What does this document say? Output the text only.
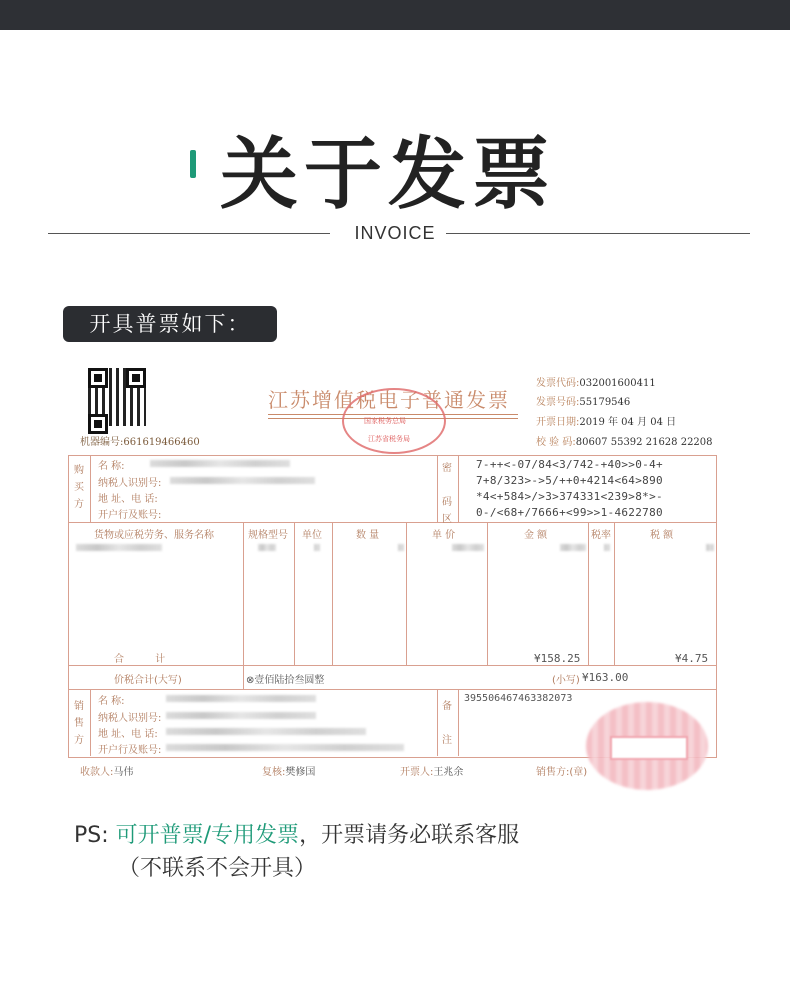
关于发票
INVOICE
开具普票如下：
机器编号:661619466460
江苏增值税电子普通发票
国家税务总局
江苏省税务局
发票代码:032001600411
发票号码:55179546
开票日期:2019 年 04 月 04 日
校 验 码:80607 55392 21628 22208
购
买
方
名 称:
纳税人识别号:
地 址、电 话:
开户行及账号:
密

码
区
7-++<-07/84<3/742-+40>>0-4+
7+8/323>->5/++0+4214<64>890
*4<+584>/>3>374331<239>8*>-
0-/<68+/7666+<99>>1-4622780
货物或应税劳务、服务名称	规格型号 单位	数 量	单 价	金 额	税率	税 额
合 计	¥158.25	¥4.75
价税合计(大写)	⊗壹佰陆拾叁圆整	(小写) ¥163.00
销
售
方
名 称:
纳税人识别号:
地 址、电 话:
开户行及账号:
备

注
395506467463382073
收款人:马伟	复核:樊修国	开票人:王兆余	销售方:(章)
PS: 可开普票/专用发票，开票请务必联系客服
（不联系不会开具）
